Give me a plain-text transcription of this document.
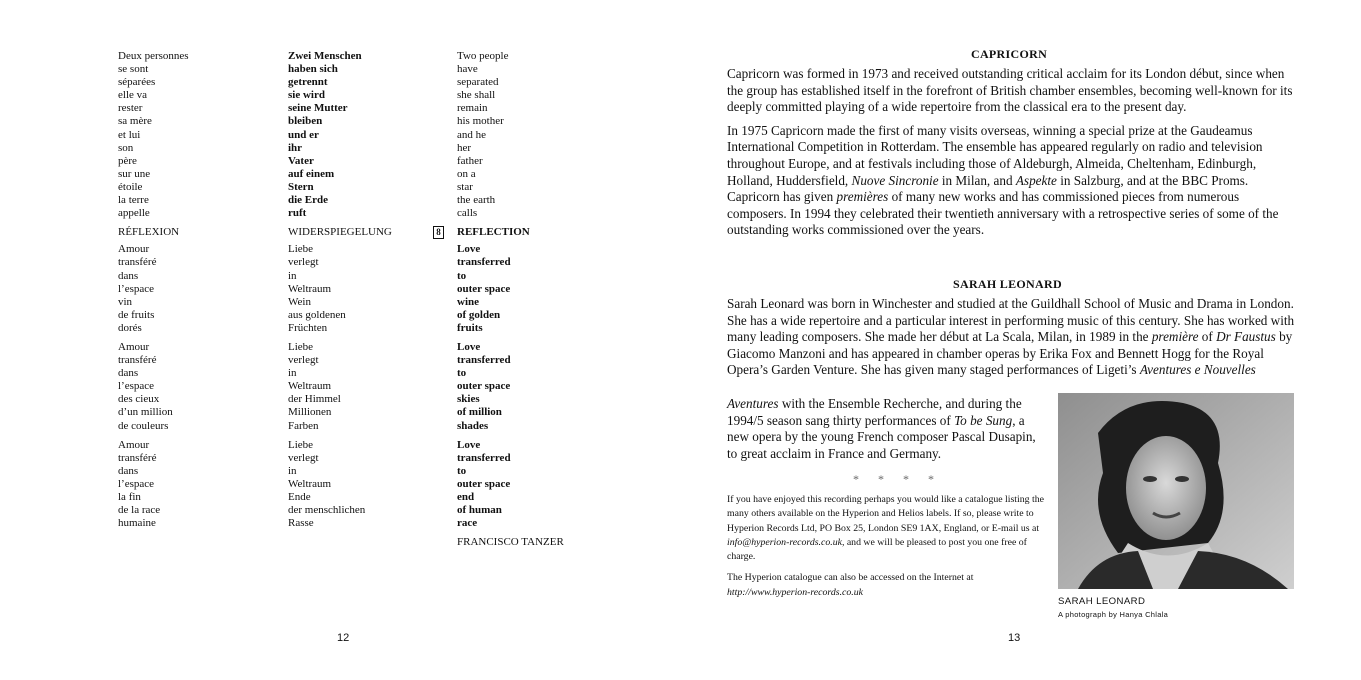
Deux personnes
se sont
séparées
elle va
rester
sa mère
et lui
son
père
sur une
étoile
la terre
appelle
RÉFLEXION
Amour
transféré
dans
l’espace
vin
de fruits
dorés
Amour
transféré
dans
l’espace
des cieux
d’un million
de couleurs
Amour
transféré
dans
l’espace
la fin
de la race
humaine
Zwei Menschen
haben sich
getrennt
sie wird
seine Mutter
bleiben
und er
ihr
Vater
auf einem
Stern
die Erde
ruft
WIDERSPIEGELUNG
Liebe
verlegt
in
Weltraum
Wein
aus goldenen
Früchten
Liebe
verlegt
in
Weltraum
der Himmel
Millionen
Farben
Liebe
verlegt
in
Weltraum
Ende
der menschlichen
Rasse
Two people
have
separated
she shall
remain
his mother
and he
her
father
on a
star
the earth
calls
8 REFLECTION
Love
transferred
to
outer space
wine
of golden
fruits
Love
transferred
to
outer space
skies
of million
shades
Love
transferred
to
outer space
end
of human
race
FRANCISCO TANZER
12
CAPRICORN

Capricorn was formed in 1973 and received outstanding critical acclaim for its London début, since when the group has established itself in the forefront of British chamber ensembles, becoming well-known for its deeply committed playing of a wide repertoire from the classical era to the present day.

In 1975 Capricorn made the first of many visits overseas, winning a special prize at the Gaudeamus International Competition in Rotterdam. The ensemble has appeared regularly on radio and television throughout Europe, and at festivals including those of Aldeburgh, Almeida, Cheltenham, Edinburgh, Holland, Huddersfield, Nuove Sincronie in Milan, and Aspekte in Salzburg, and at the BBC Proms. Capricorn has given premières of many new works and has commissioned pieces from numerous composers. In 1994 they celebrated their twentieth anniversary with a retrospective series of some of the outstanding works commissioned over the years.

SARAH LEONARD

Sarah Leonard was born in Winchester and studied at the Guildhall School of Music and Drama in London. She has a wide repertoire and a particular interest in performing music of this century. She has worked with many leading composers. She made her début at La Scala, Milan, in 1989 in the première of Dr Faustus by Giacomo Manzoni and has appeared in chamber operas by Erika Fox and Bennett Hogg for the Royal Opera’s Garden Venture. She has given many staged performances of Ligeti’s Aventures e Nouvelles

Aventures with the Ensemble Recherche, and during the 1994/5 season sang thirty performances of To be Sung, a new opera by the young French composer Pascal Dusapin, to great acclaim in France and Germany.
* * * *

If you have enjoyed this recording perhaps you would like a catalogue listing the many others available on the Hyperion and Helios labels. If so, please write to Hyperion Records Ltd, PO Box 25, London SE9 1AX, England, or E-mail us at info@hyperion-records.co.uk, and we will be pleased to post you one free of charge.

The Hyperion catalogue can also be accessed on the Internet at http://www.hyperion-records.co.uk

SARAH LEONARD
A photograph by Hanya Chlala
13
